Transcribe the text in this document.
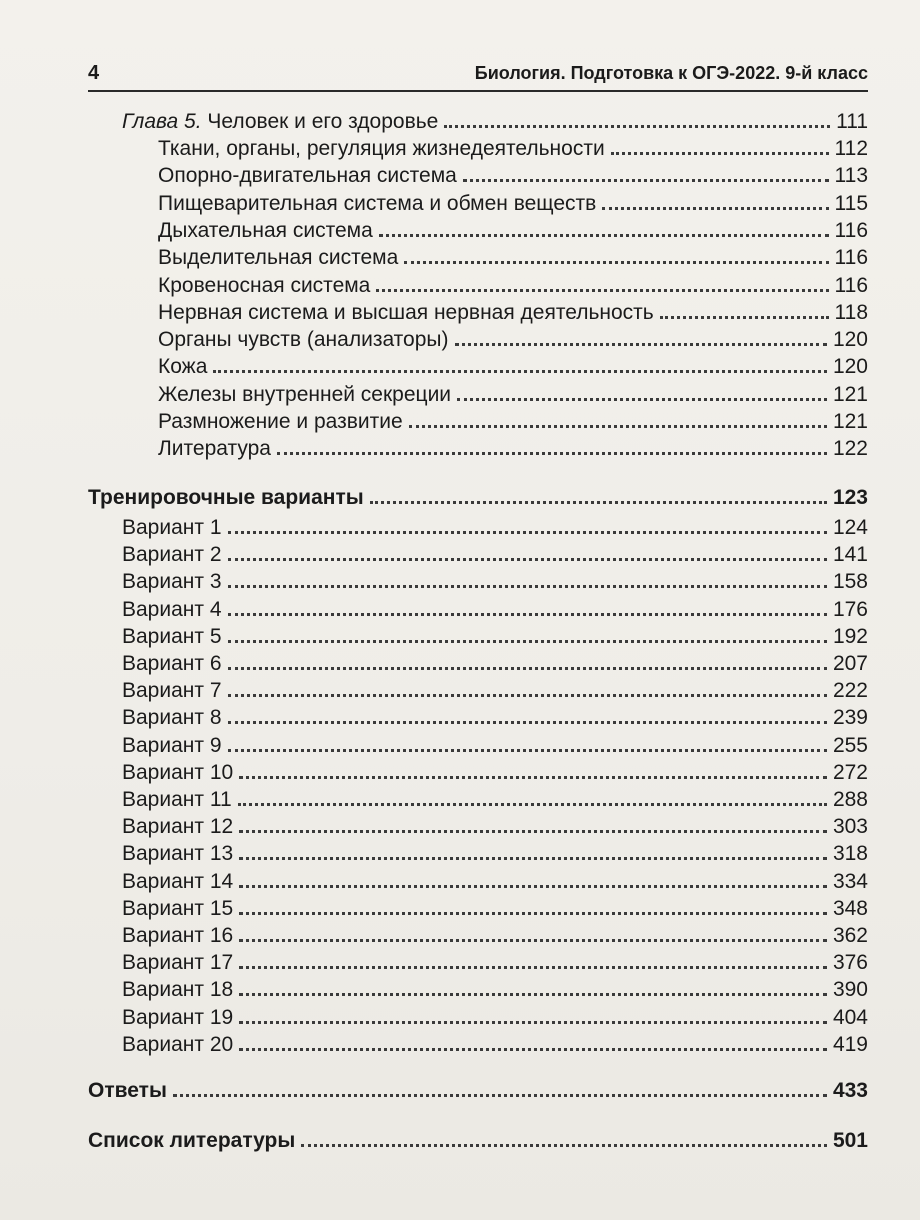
4	Биология. Подготовка к ОГЭ-2022. 9-й класс
Глава 5. Человек и его здоровье	111
Ткани, органы, регуляция жизнедеятельности	112
Опорно-двигательная система	113
Пищеварительная система и обмен веществ	115
Дыхательная система	116
Выделительная система	116
Кровеносная система	116
Нервная система и высшая нервная деятельность	118
Органы чувств (анализаторы)	120
Кожа	120
Железы внутренней секреции	121
Размножение и развитие	121
Литература	122
Тренировочные варианты	123
Вариант 1	124
Вариант 2	141
Вариант 3	158
Вариант 4	176
Вариант 5	192
Вариант 6	207
Вариант 7	222
Вариант 8	239
Вариант 9	255
Вариант 10	272
Вариант 11	288
Вариант 12	303
Вариант 13	318
Вариант 14	334
Вариант 15	348
Вариант 16	362
Вариант 17	376
Вариант 18	390
Вариант 19	404
Вариант 20	419
Ответы	433
Список литературы	501
